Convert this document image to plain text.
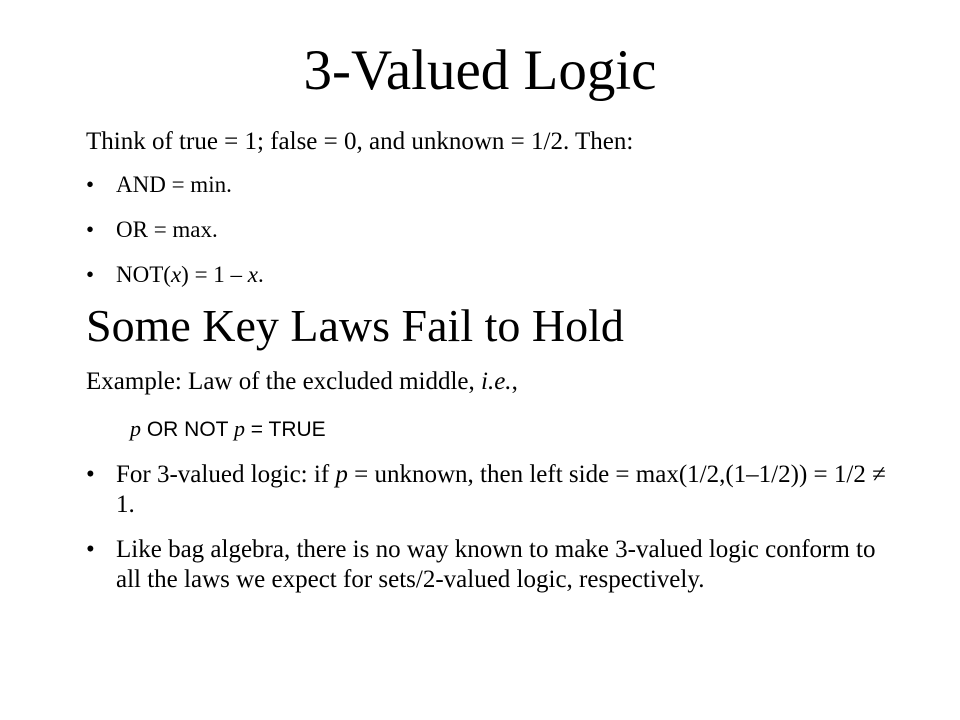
3-Valued Logic
Think of true = 1; false = 0, and unknown = 1/2. Then:
• AND = min.
• OR = max.
• NOT(x) = 1 – x.
Some Key Laws Fail to Hold
Example: Law of the excluded middle, i.e.,
p OR NOT p = TRUE
• For 3-valued logic: if p = unknown, then left side = max(1/2,(1–1/2)) = 1/2 ≠ 1.
• Like bag algebra, there is no way known to make 3-valued logic conform to all the laws we expect for sets/2-valued logic, respectively.
